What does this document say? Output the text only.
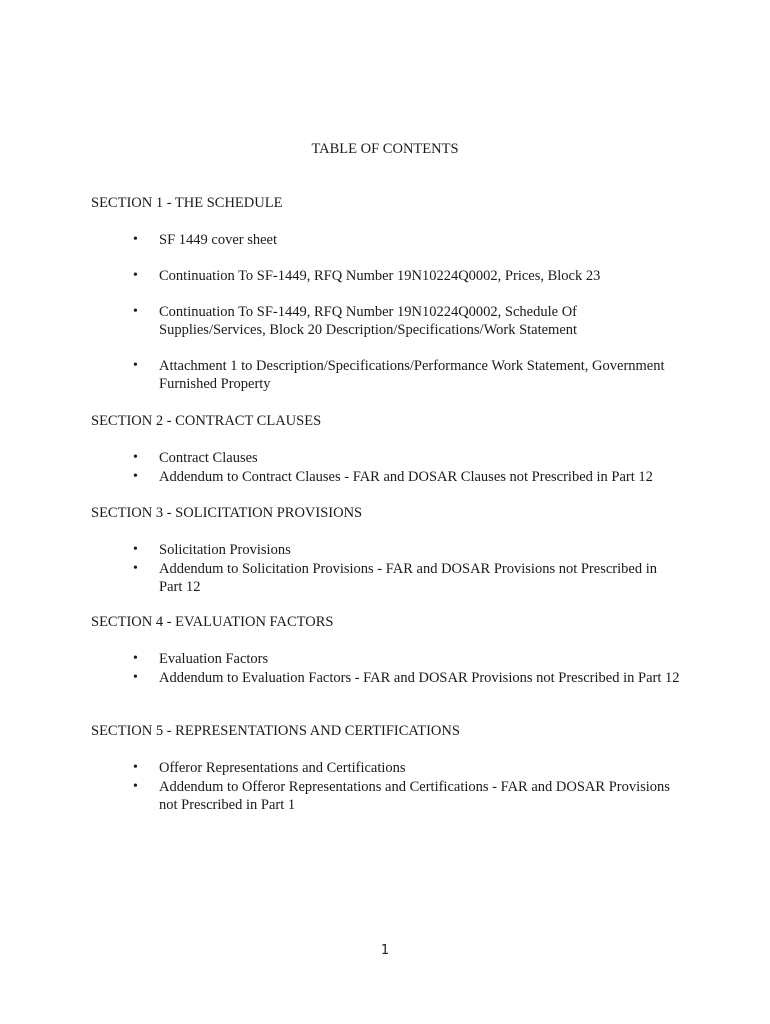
TABLE OF CONTENTS
SECTION 1 - THE SCHEDULE
• SF 1449 cover sheet
• Continuation To SF-1449, RFQ Number 19N10224Q0002, Prices, Block 23
• Continuation To SF-1449, RFQ Number 19N10224Q0002, Schedule Of Supplies/Services, Block 20 Description/Specifications/Work Statement
• Attachment 1 to Description/Specifications/Performance Work Statement, Government Furnished Property
SECTION 2 - CONTRACT CLAUSES
• Contract Clauses
• Addendum to Contract Clauses - FAR and DOSAR Clauses not Prescribed in Part 12
SECTION 3 - SOLICITATION PROVISIONS
• Solicitation Provisions
• Addendum to Solicitation Provisions - FAR and DOSAR Provisions not Prescribed in Part 12
SECTION 4 - EVALUATION FACTORS
• Evaluation Factors
• Addendum to Evaluation Factors - FAR and DOSAR Provisions not Prescribed in Part 12
SECTION 5 - REPRESENTATIONS AND CERTIFICATIONS
• Offeror Representations and Certifications
• Addendum to Offeror Representations and Certifications - FAR and DOSAR Provisions not Prescribed in Part 1
1
